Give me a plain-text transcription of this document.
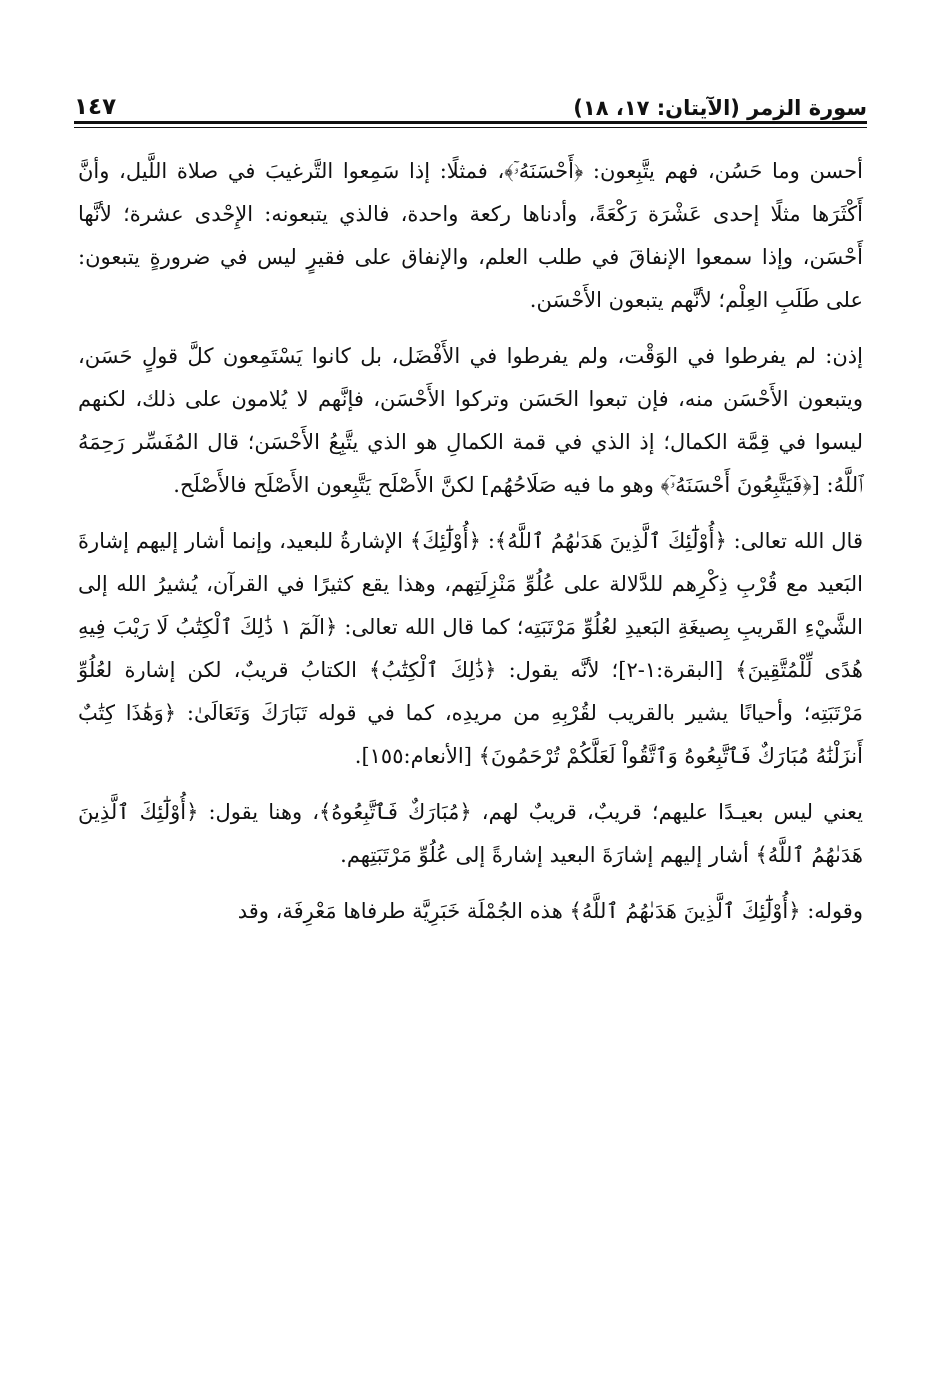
سورة الزمر (الآيتان: ١٧، ١٨)
١٤٧

أحسن وما حَسُن، فهم يتَّبِعون: ﴿أَحْسَنَهُۥٓ﴾، فمثلًا: إذا سَمِعوا التَّرغيبَ في صلاة اللَّيل، وأنَّ أَكْثَرَها مثلًا إحدى عَشْرَة رَكْعَةً، وأدناها ركعة واحدة، فالذي يتبعونه: الإِحْدى عشرة؛ لأنَّها أَحْسَن، وإذا سمعوا الإنفاقَ في طلب العلم، والإنفاق على فقيرٍ ليس في ضرورةٍ يتبعون: على طَلَبِ العِلْم؛ لأنَّهم يتبعون الأَحْسَن.

إذن: لم يفرطوا في الوَقْت، ولم يفرطوا في الأَفْضَل، بل كانوا يَسْتَمِعون كلَّ قولٍ حَسَن، ويتبعون الأَحْسَن منه، فإن تبعوا الحَسَن وتركوا الأَحْسَن، فإنَّهم لا يُلامون على ذلك، لكنهم ليسوا في قِمَّة الكمال؛ إذ الذي في قمة الكمالِ هو الذي يتَّبِعُ الأَحْسَن؛ قال المُفَسِّر رَحِمَهُ ٱللَّهُ: [﴿فَيَتَّبِعُونَ أَحْسَنَهُۥٓ﴾ وهو ما فيه صَلَاحُهُم] لكنَّ الأَصْلَح يَتَّبِعون الأَصْلَح فالأَصْلَح.

قال الله تعالى: ﴿أُوْلَٰٓئِكَ ٱلَّذِينَ هَدَىٰهُمُ ٱللَّهُ﴾: ﴿أُوْلَٰٓئِكَ﴾ الإشارةُ للبعيد، وإنما أشار إليهم إشارةَ البَعيد مع قُرْبِ ذِكْرِهم للدَّلالة على عُلُوِّ مَنْزِلَتِهم، وهذا يقع كثيرًا في القرآن، يُشيرُ الله إلى الشَّيْءِ القَريبِ بِصيغَةِ البَعيدِ لعُلُوِّ مَرْتَبَتِه؛ كما قال الله تعالى: ﴿الٓمٓ ١ ذَٰلِكَ ٱلْكِتَٰبُ لَا رَيْبَ فِيهِ هُدًى لِّلْمُتَّقِينَ﴾ [البقرة:١-٢]؛ لأنَّه يقول: ﴿ذَٰلِكَ ٱلْكِتَٰبُ﴾ الكتابُ قريبٌ، لكن إشارة لعُلُوِّ مَرْتَبَتِه؛ وأحيانًا يشير بالقريب لقُرْبِهِ من مريدِه، كما في قوله تَبَارَكَ وَتَعَالَىٰ: ﴿وَهَٰذَا كِتَٰبٌ أَنزَلْنَٰهُ مُبَارَكٌ فَٱتَّبِعُوهُ وَٱتَّقُواْ لَعَلَّكُمْ تُرْحَمُونَ﴾ [الأنعام:١٥٥].

يعني ليس بعيـدًا عليهم؛ قريبٌ، قريبٌ لهم، ﴿مُبَارَكٌ فَٱتَّبِعُوهُ﴾، وهنا يقول: ﴿أُوْلَٰٓئِكَ ٱلَّذِينَ هَدَىٰهُمُ ٱللَّهُ﴾ أشار إليهم إشارَةَ البعيد إشارةً إلى عُلُوِّ مَرْتَبَتِهم.

وقوله: ﴿أُوْلَٰٓئِكَ ٱلَّذِينَ هَدَىٰهُمُ ٱللَّهُ﴾ هذه الجُمْلَة خَبَرِيَّة طرفاها مَعْرِفَة، وقد
